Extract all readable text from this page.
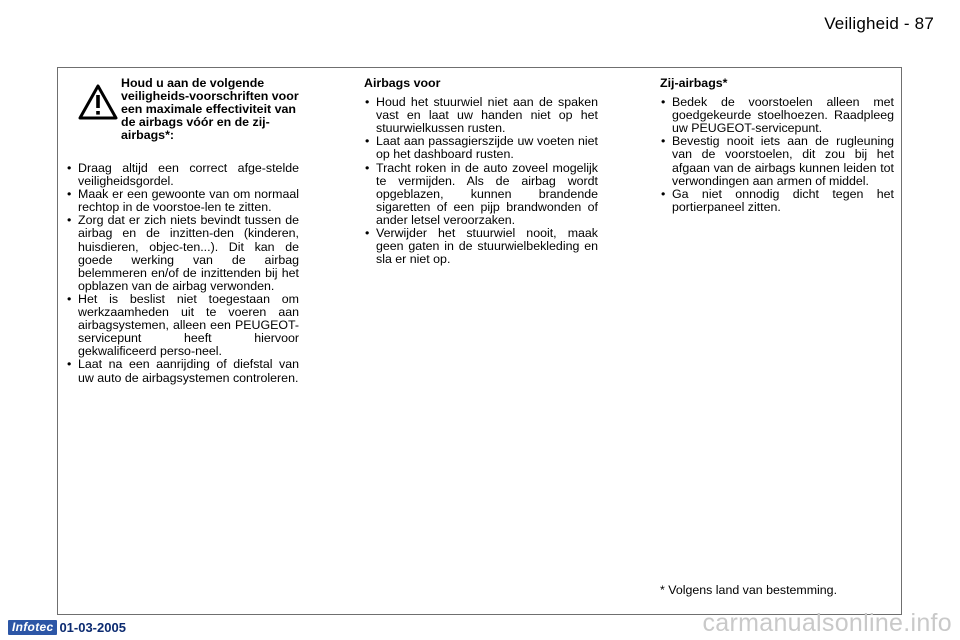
Veiligheid - 87

Houd u aan de volgende veiligheids-voorschriften voor een maximale effectiviteit van de airbags vóór en de zij-airbags*:

• Draag altijd een correct afge-stelde veiligheidsgordel.
• Maak er een gewoonte van om normaal rechtop in de voorstoe-len te zitten.
• Zorg dat er zich niets bevindt tussen de airbag en de inzitten-den (kinderen, huisdieren, objec-ten...). Dit kan de goede werking van de airbag belemmeren en/of de inzittenden bij het opblazen van de airbag verwonden.
• Het is beslist niet toegestaan om werkzaamheden uit te voeren aan airbagsystemen, alleen een PEUGEOT-servicepunt heeft hiervoor gekwalificeerd perso-neel.
• Laat na een aanrijding of diefstal van uw auto de airbagsystemen controleren.
Airbags voor
• Houd het stuurwiel niet aan de spaken vast en laat uw handen niet op het stuurwielkussen rusten.
• Laat aan passagierszijde uw voeten niet op het dashboard rusten.
• Tracht roken in de auto zoveel mogelijk te vermijden. Als de airbag wordt opgeblazen, kunnen brandende sigaretten of een pijp brandwonden of ander letsel veroorzaken.
• Verwijder het stuurwiel nooit, maak geen gaten in de stuurwielbekleding en sla er niet op.
Zij-airbags*
• Bedek de voorstoelen alleen met goedgekeurde stoelhoezen. Raadpleeg uw PEUGEOT-servicepunt.
• Bevestig nooit iets aan de rugleuning van de voorstoelen, dit zou bij het afgaan van de airbags kunnen leiden tot verwondingen aan armen of middel.
• Ga niet onnodig dicht tegen het portierpaneel zitten.

* Volgens land van bestemming.

Infotec 01-03-2005	carmanualsonline.info
